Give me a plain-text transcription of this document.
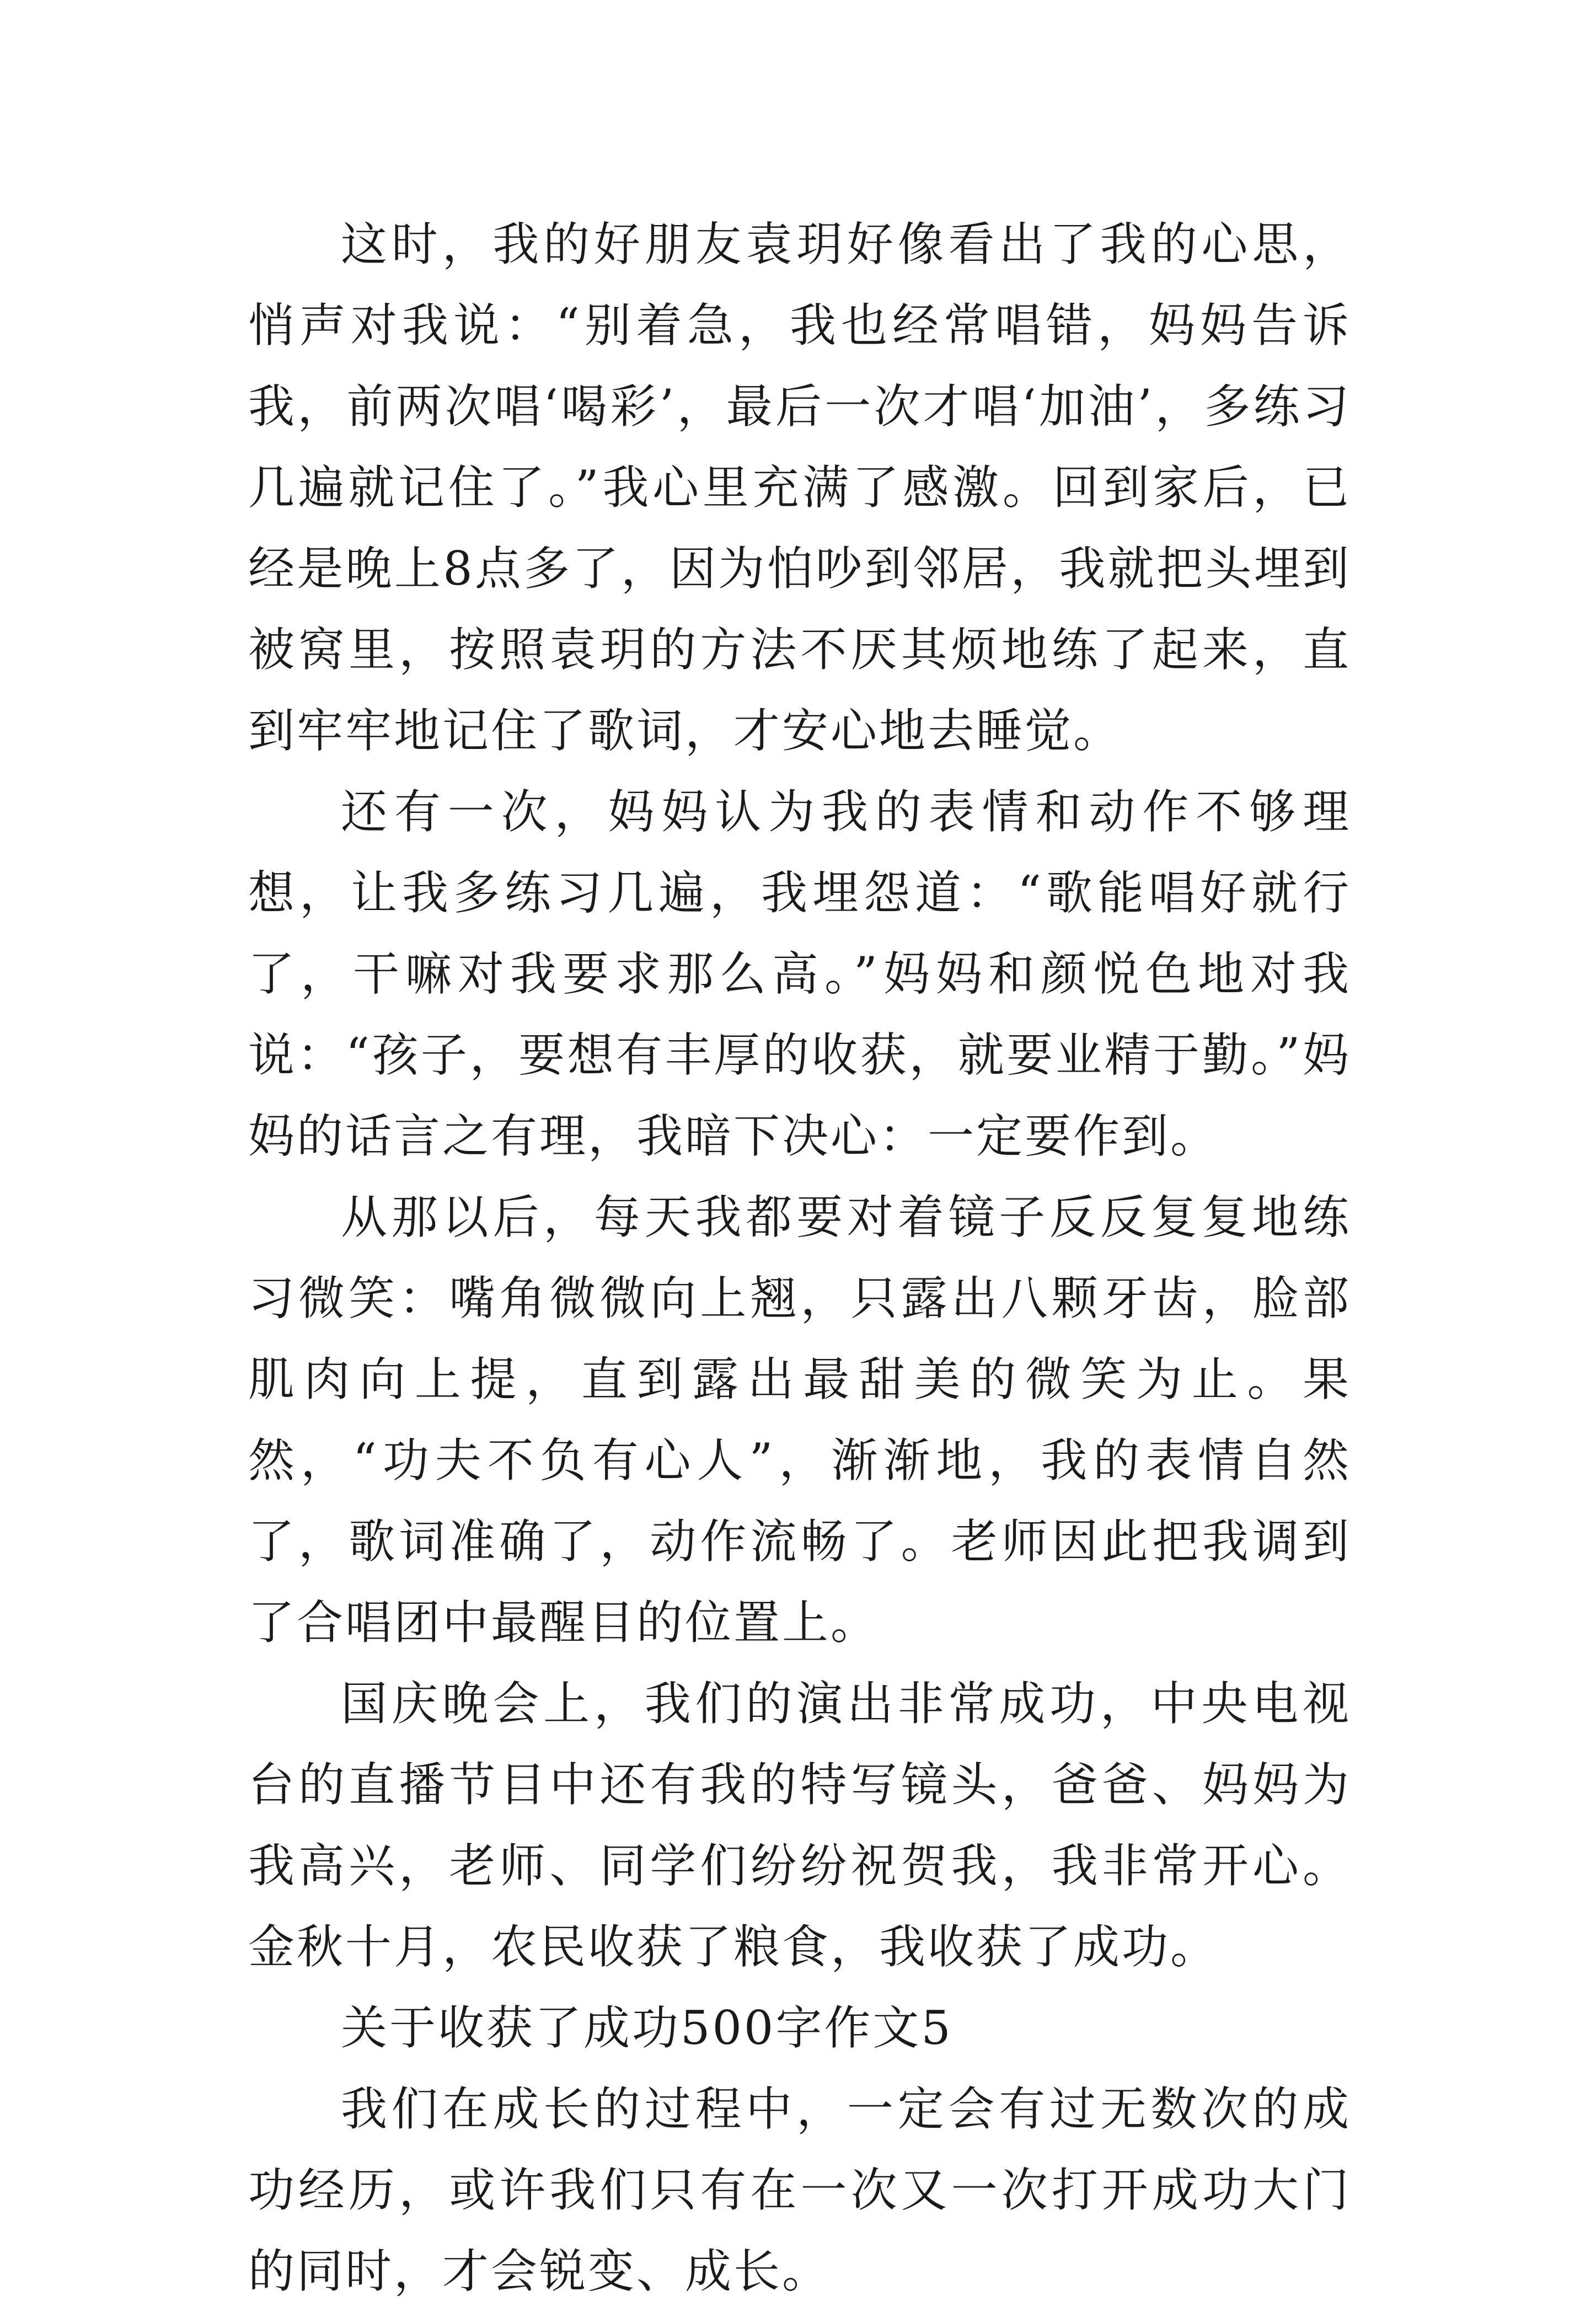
这时，我的好朋友袁玥好像看出了我的心思，悄声对我说：“别着急，我也经常唱错，妈妈告诉我，前两次唱‘喝彩’，最后一次才唱‘加油’，多练习几遍就记住了。”我心里充满了感激。回到家后，已经是晚上8点多了，因为怕吵到邻居，我就把头埋到被窝里，按照袁玥的方法不厌其烦地练了起来，直到牢牢地记住了歌词，才安心地去睡觉。

还有一次，妈妈认为我的表情和动作不够理想，让我多练习几遍，我埋怨道：“歌能唱好就行了，干嘛对我要求那么高。”妈妈和颜悦色地对我说：“孩子，要想有丰厚的收获，就要业精于勤。”妈妈的话言之有理，我暗下决心：一定要作到。

从那以后，每天我都要对着镜子反反复复地练习微笑：嘴角微微向上翘，只露出八颗牙齿，脸部肌肉向上提，直到露出最甜美的微笑为止。果然，“功夫不负有心人”，渐渐地，我的表情自然了，歌词准确了，动作流畅了。老师因此把我调到了合唱团中最醒目的位置上。

国庆晚会上，我们的演出非常成功，中央电视台的直播节目中还有我的特写镜头，爸爸、妈妈为我高兴，老师、同学们纷纷祝贺我，我非常开心。金秋十月，农民收获了粮食，我收获了成功。

关于收获了成功500字作文5

我们在成长的过程中，一定会有过无数次的成功经历，或许我们只有在一次又一次打开成功大门的同时，才会锐变、成长。
